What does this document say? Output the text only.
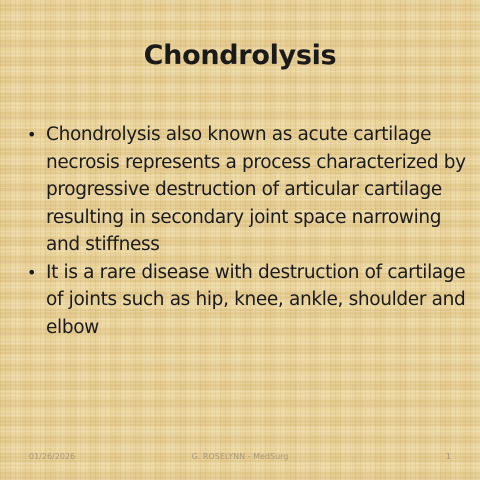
Chondrolysis
• Chondrolysis also known as acute cartilage necrosis represents a process characterized by progressive destruction of articular cartilage resulting in secondary joint space narrowing and stiffness
• It is a rare disease with destruction of cartilage of joints such as hip, knee, ankle, shoulder and elbow
01/26/2026	G. ROSELYNN - MedSurg	1
